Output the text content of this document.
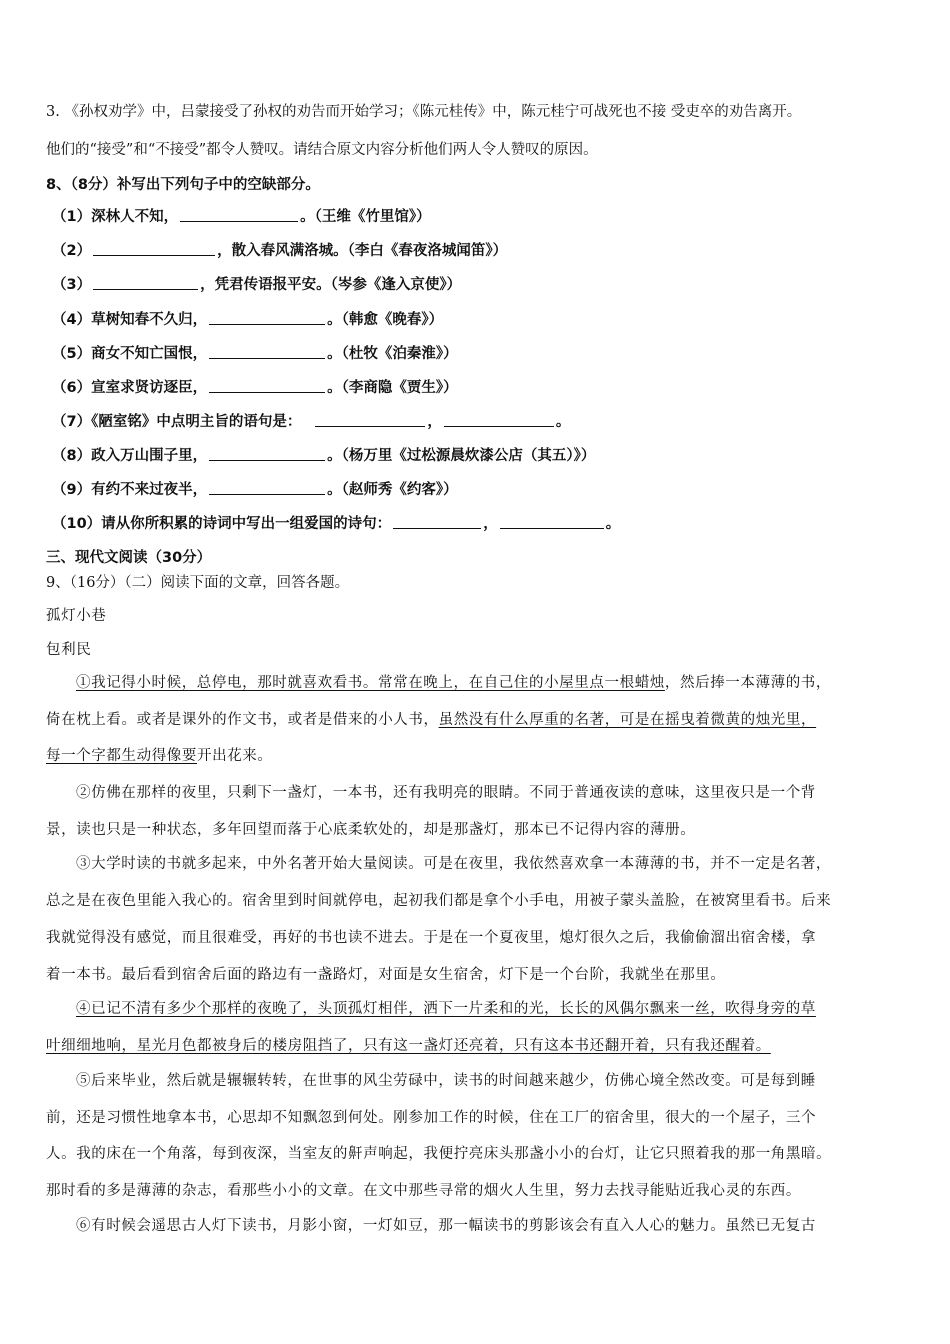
3. 《孙权劝学》中，吕蒙接受了孙权的劝告而开始学习；《陈元桂传》中，陈元桂宁可战死也不接 受吏卒的劝告离开。
他们的“接受”和“不接受”都令人赞叹。请结合原文内容分析他们两人令人赞叹的原因。
8、（8分）补写出下列句子中的空缺部分。
（1）深林人不知，	。（王维《竹里馆》）
（2）	，散入春风满洛城。（李白《春夜洛城闻笛》）
（3）	，凭君传语报平安。（岑参《逢入京使》）
（4）草树知春不久归，	。（韩愈《晚春》）
（5）商女不知亡国恨，	。（杜牧《泊秦淮》）
（6）宣室求贤访逐臣，	。（李商隐《贾生》）
（7）《陋室铭》中点明主旨的语句是：	，	。
（8）政入万山围子里，	。（杨万里《过松源晨炊漆公店（其五）》）
（9）有约不来过夜半，	。（赵师秀《约客》）
（10）请从你所积累的诗词中写出一组爱国的诗句：	，	。
三、现代文阅读（30分）
9、（16分）（二）阅读下面的文章，回答各题。
孤灯小巷
包利民
①我记得小时候，总停电，那时就喜欢看书。常常在晚上，在自己住的小屋里点一根蜡烛，然后捧一本薄薄的书，
倚在枕上看。或者是课外的作文书，或者是借来的小人书，虽然没有什么厚重的名著，可是在摇曳着微黄的烛光里，
每一个字都生动得像要开出花来。
②仿佛在那样的夜里，只剩下一盏灯，一本书，还有我明亮的眼睛。不同于普通夜读的意味，这里夜只是一个背
景，读也只是一种状态，多年回望而落于心底柔软处的，却是那盏灯，那本已不记得内容的薄册。
③大学时读的书就多起来，中外名著开始大量阅读。可是在夜里，我依然喜欢拿一本薄薄的书，并不一定是名著，
总之是在夜色里能入我心的。宿舍里到时间就停电，起初我们都是拿个小手电，用被子蒙头盖脸，在被窝里看书。后来
我就觉得没有感觉，而且很难受，再好的书也读不进去。于是在一个夏夜里，熄灯很久之后，我偷偷溜出宿舍楼，拿
着一本书。最后看到宿舍后面的路边有一盏路灯，对面是女生宿舍，灯下是一个台阶，我就坐在那里。
④已记不清有多少个那样的夜晚了，头顶孤灯相伴，洒下一片柔和的光，长长的风偶尔飘来一丝，吹得身旁的草
叶细细地响，星光月色都被身后的楼房阻挡了，只有这一盏灯还亮着，只有这本书还翻开着，只有我还醒着。
⑤后来毕业，然后就是辗辗转转，在世事的风尘劳碌中，读书的时间越来越少，仿佛心境全然改变。可是每到睡
前，还是习惯性地拿本书，心思却不知飘忽到何处。刚参加工作的时候，住在工厂的宿舍里，很大的一个屋子，三个
人。我的床在一个角落，每到夜深，当室友的鼾声响起，我便拧亮床头那盏小小的台灯，让它只照着我的那一角黑暗。
那时看的多是薄薄的杂志，看那些小小的文章。在文中那些寻常的烟火人生里，努力去找寻能贴近我心灵的东西。
⑥有时候会遥思古人灯下读书，月影小窗，一灯如豆，那一幅读书的剪影该会有直入人心的魅力。虽然已无复古
